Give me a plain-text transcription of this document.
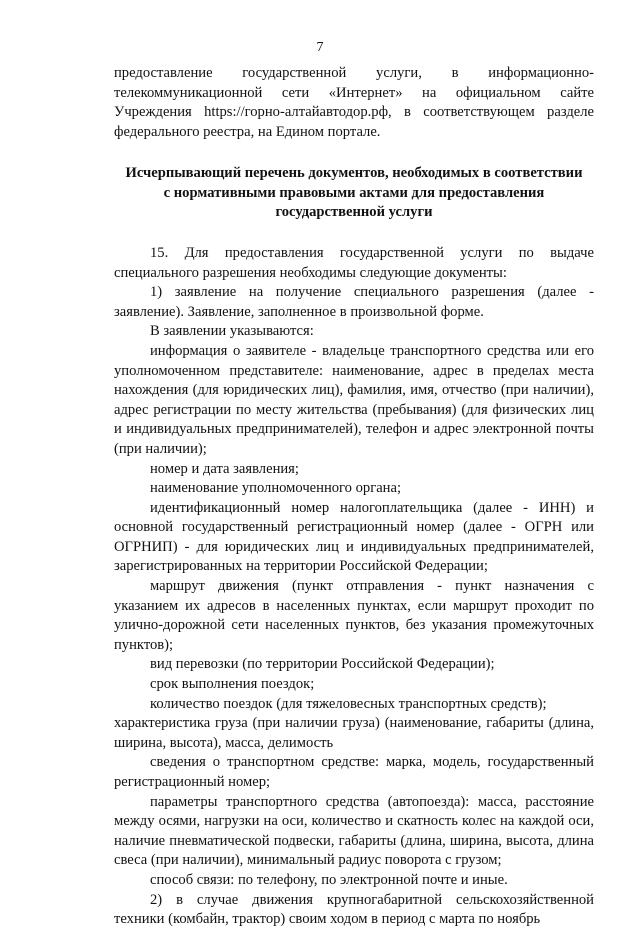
7

предоставление государственной услуги, в информационно-телекоммуникационной сети «Интернет» на официальном сайте Учреждения https://горно-алтайавтодор.рф, в соответствующем разделе федерального реестра, на Едином портале.

Исчерпывающий перечень документов, необходимых в соответствии с нормативными правовыми актами для предоставления государственной услуги

15. Для предоставления государственной услуги по выдаче специального разрешения необходимы следующие документы:

1) заявление на получение специального разрешения (далее - заявление). Заявление, заполненное в произвольной форме.

В заявлении указываются:

информация о заявителе - владельце транспортного средства или его уполномоченном представителе: наименование, адрес в пределах места нахождения (для юридических лиц), фамилия, имя, отчество (при наличии), адрес регистрации по месту жительства (пребывания) (для физических лиц и индивидуальных предпринимателей), телефон и адрес электронной почты (при наличии);

номер и дата заявления;

наименование уполномоченного органа;

идентификационный номер налогоплательщика (далее - ИНН) и основной государственный регистрационный номер (далее - ОГРН или ОГРНИП) - для юридических лиц и индивидуальных предпринимателей, зарегистрированных на территории Российской Федерации;

маршрут движения (пункт отправления - пункт назначения с указанием их адресов в населенных пунктах, если маршрут проходит по улично-дорожной сети населенных пунктов, без указания промежуточных пунктов);

вид перевозки (по территории Российской Федерации);

срок выполнения поездок;

количество поездок (для тяжеловесных транспортных средств);

характеристика груза (при наличии груза) (наименование, габариты (длина, ширина, высота), масса, делимость

сведения о транспортном средстве: марка, модель, государственный регистрационный номер;

параметры транспортного средства (автопоезда): масса, расстояние между осями, нагрузки на оси, количество и скатность колес на каждой оси, наличие пневматической подвески, габариты (длина, ширина, высота, длина свеса (при наличии), минимальный радиус поворота с грузом;

способ связи: по телефону, по электронной почте и иные.

2) в случае движения крупногабаритной сельскохозяйственной техники (комбайн, трактор) своим ходом в период с марта по ноябрь
